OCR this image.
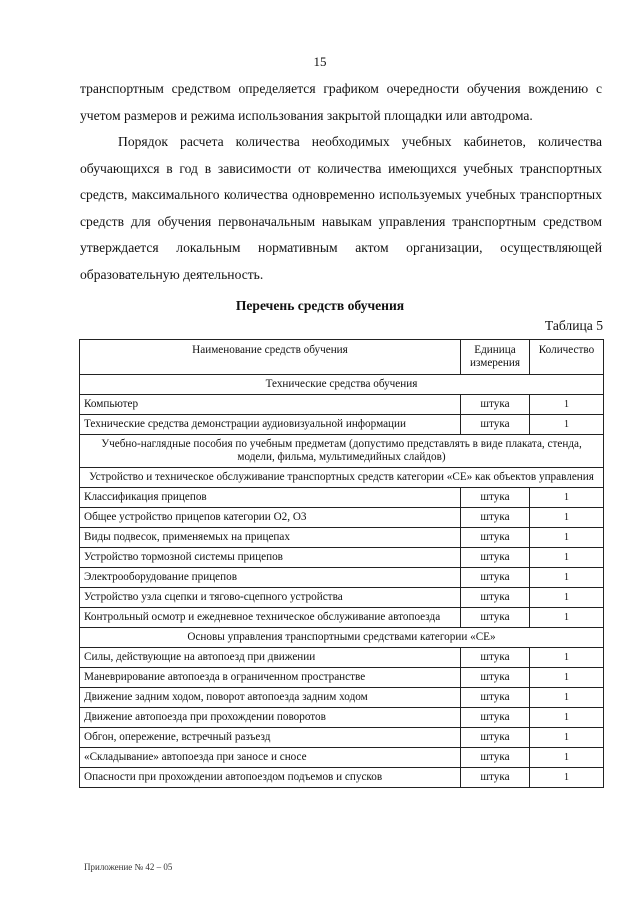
15

транспортным средством определяется графиком очередности обучения вождению с учетом размеров и режима использования закрытой площадки или автодрома.

Порядок расчета количества необходимых учебных кабинетов, количества обучающихся в год в зависимости от количества имеющихся учебных транспортных средств, максимального количества одновременно используемых учебных транспортных средств для обучения первоначальным навыкам управления транспортным средством утверждается локальным нормативным актом организации, осуществляющей образовательную деятельность.

Перечень средств обучения
Таблица 5
Наименование средств обучения	Единица измерения	Количество
Технические средства обучения		
Компьютер	штука	1
Технические средства демонстрации аудиовизуальной информации	штука	1
Учебно-наглядные пособия по учебным предметам (допустимо представлять в виде плаката, стенда, модели, фильма, мультимедийных слайдов)		
Устройство и техническое обслуживание транспортных средств категории «CE» как объектов управления		
Классификация прицепов	штука	1
Общее устройство прицепов категории O2, O3	штука	1
Виды подвесок, применяемых на прицепах	штука	1
Устройство тормозной системы прицепов	штука	1
Электрооборудование прицепов	штука	1
Устройство узла сцепки и тягово-сцепного устройства	штука	1
Контрольный осмотр и ежедневное техническое обслуживание автопоезда	штука	1
Основы управления транспортными средствами категории «CE»		
Силы, действующие на автопоезд при движении	штука	1
Маневрирование автопоезда в ограниченном пространстве	штука	1
Движение задним ходом, поворот автопоезда задним ходом	штука	1
Движение автопоезда при прохождении поворотов	штука	1
Обгон, опережение, встречный разъезд	штука	1
«Складывание» автопоезда при заносе и сносе	штука	1
Опасности при прохождении автопоездом подъемов и спусков	штука	1
Приложение № 42 – 05
